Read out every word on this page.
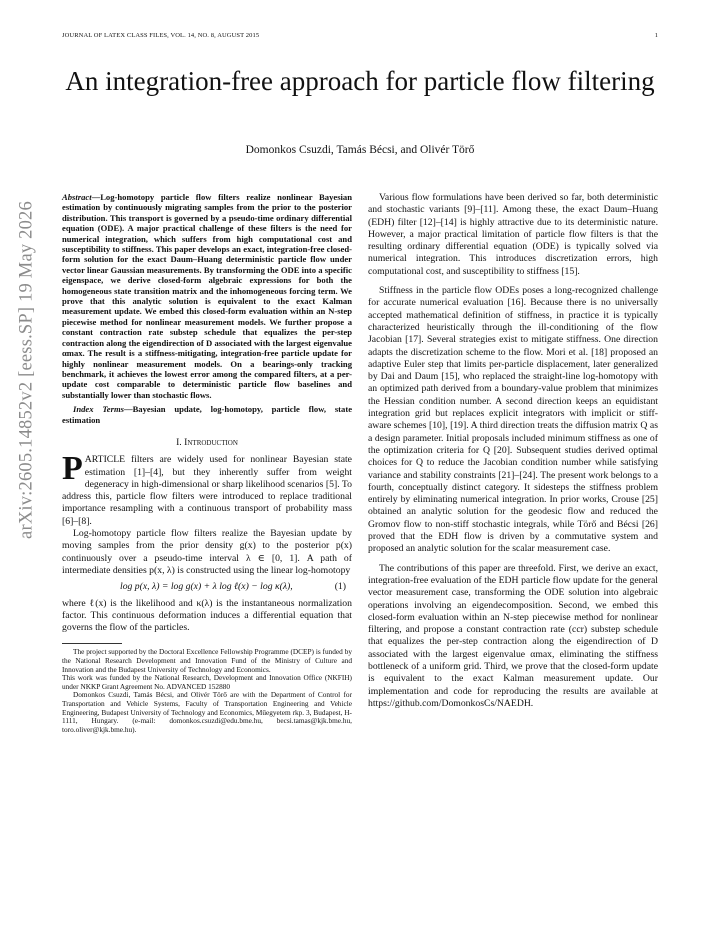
JOURNAL OF LATEX CLASS FILES, VOL. 14, NO. 8, AUGUST 2015	1
arXiv:2605.14852v2 [eess.SP] 19 May 2026
An integration-free approach for particle flow filtering
Domonkos Csuzdi, Tamás Bécsi, and Olivér Törő

Abstract—Log-homotopy particle flow filters realize nonlinear Bayesian estimation by continuously migrating samples from the prior to the posterior distribution. This transport is governed by a pseudo-time ordinary differential equation (ODE). A major practical challenge of these filters is the need for numerical integration, which suffers from high computational cost and susceptibility to stiffness. This paper develops an exact, integration-free closed-form solution for the exact Daum–Huang deterministic particle flow under vector linear Gaussian measurements. By transforming the ODE into a specific eigenspace, we derive closed-form algebraic expressions for both the homogeneous state transition matrix and the inhomogeneous forcing term. We prove that this analytic solution is equivalent to the exact Kalman measurement update. We embed this closed-form evaluation within an N-step piecewise method for nonlinear measurement models. We further propose a constant contraction rate substep schedule that equalizes the per-step contraction along the eigendirection of D associated with the largest eigenvalue αmax. The result is a stiffness-mitigating, integration-free particle update for highly nonlinear measurement models. On a bearings-only tracking benchmark, it achieves the lowest error among the compared filters, at a per-update cost comparable to deterministic particle flow baselines and substantially lower than stochastic flows.

Index Terms—Bayesian update, log-homotopy, particle flow, state estimation

I. Introduction

PARTICLE filters are widely used for nonlinear Bayesian state estimation [1]–[4], but they inherently suffer from weight degeneracy in high-dimensional or sharp likelihood scenarios [5]. To address this, particle flow filters were introduced to replace traditional importance resampling with a continuous transport of probability mass [6]–[8].

Log-homotopy particle flow filters realize the Bayesian update by moving samples from the prior density g(x) to the posterior p(x) continuously over a pseudo-time interval λ ∈ [0, 1]. A path of intermediate densities p(x, λ) is constructed using the linear log-homotopy

log p(x, λ) = log g(x) + λ log ℓ(x) − log κ(λ),	(1)

where ℓ(x) is the likelihood and κ(λ) is the instantaneous normalization factor. This continuous deformation induces a differential equation that governs the flow of the particles.

The project supported by the Doctoral Excellence Fellowship Programme (DCEP) is funded by the National Research Development and Innovation Fund of the Ministry of Culture and Innovation and the Budapest University of Technology and Economics.

This work was funded by the National Research, Development and Innovation Office (NKFIH) under NKKP Grant Agreement No. ADVANCED 152880

Domonkos Csuzdi, Tamás Bécsi, and Olivér Törő are with the Department of Control for Transportation and Vehicle Systems, Faculty of Transportation Engineering and Vehicle Engineering, Budapest University of Technology and Economics, Műegyetem rkp. 3, Budapest, H-1111, Hungary. (e-mail: domonkos.csuzdi@edu.bme.hu, becsi.tamas@kjk.bme.hu, toro.oliver@kjk.bme.hu).

Various flow formulations have been derived so far, both deterministic and stochastic variants [9]–[11]. Among these, the exact Daum–Huang (EDH) filter [12]–[14] is highly attractive due to its deterministic nature. However, a major practical limitation of particle flow filters is that the resulting ordinary differential equation (ODE) is typically solved via numerical integration. This introduces discretization errors, high computational cost, and susceptibility to stiffness [15].

Stiffness in the particle flow ODEs poses a long-recognized challenge for accurate numerical evaluation [16]. Because there is no universally accepted mathematical definition of stiffness, in practice it is typically characterized heuristically through the ill-conditioning of the flow Jacobian [17]. Several strategies exist to mitigate stiffness. One direction adapts the discretization scheme to the flow. Mori et al. [18] proposed an adaptive Euler step that limits per-particle displacement, later generalized by Dai and Daum [15], who replaced the straight-line log-homotopy with an optimized path derived from a boundary-value problem that minimizes the Hessian condition number. A second direction keeps an equidistant integration grid but replaces explicit integrators with implicit or stiff-aware schemes [10], [19]. A third direction treats the diffusion matrix Q as a design parameter. Initial proposals included minimum stiffness as one of the optimization criteria for Q [20]. Subsequent studies derived optimal choices for Q to reduce the Jacobian condition number while satisfying variance and stability constraints [21]–[24]. The present work belongs to a fourth, conceptually distinct category. It sidesteps the stiffness problem entirely by eliminating numerical integration. In prior works, Crouse [25] obtained an analytic solution for the geodesic flow and reduced the Gromov flow to non-stiff stochastic integrals, while Törő and Bécsi [26] proved that the EDH flow is driven by a commutative system and proposed an analytic solution for the scalar measurement case.

The contributions of this paper are threefold. First, we derive an exact, integration-free evaluation of the EDH particle flow update for the general vector measurement case, transforming the ODE solution into algebraic operations involving an eigendecomposition. Second, we embed this closed-form evaluation within an N-step piecewise method for nonlinear filtering, and propose a constant contraction rate (ccr) substep schedule that equalizes the per-step contraction along the eigendirection of D associated with the largest eigenvalue αmax, eliminating the stiffness bottleneck of a uniform grid. Third, we prove that the closed-form update is equivalent to the exact Kalman measurement update. Our implementation and code for reproducing the results are available at https://github.com/DomonkosCs/NAEDH.
